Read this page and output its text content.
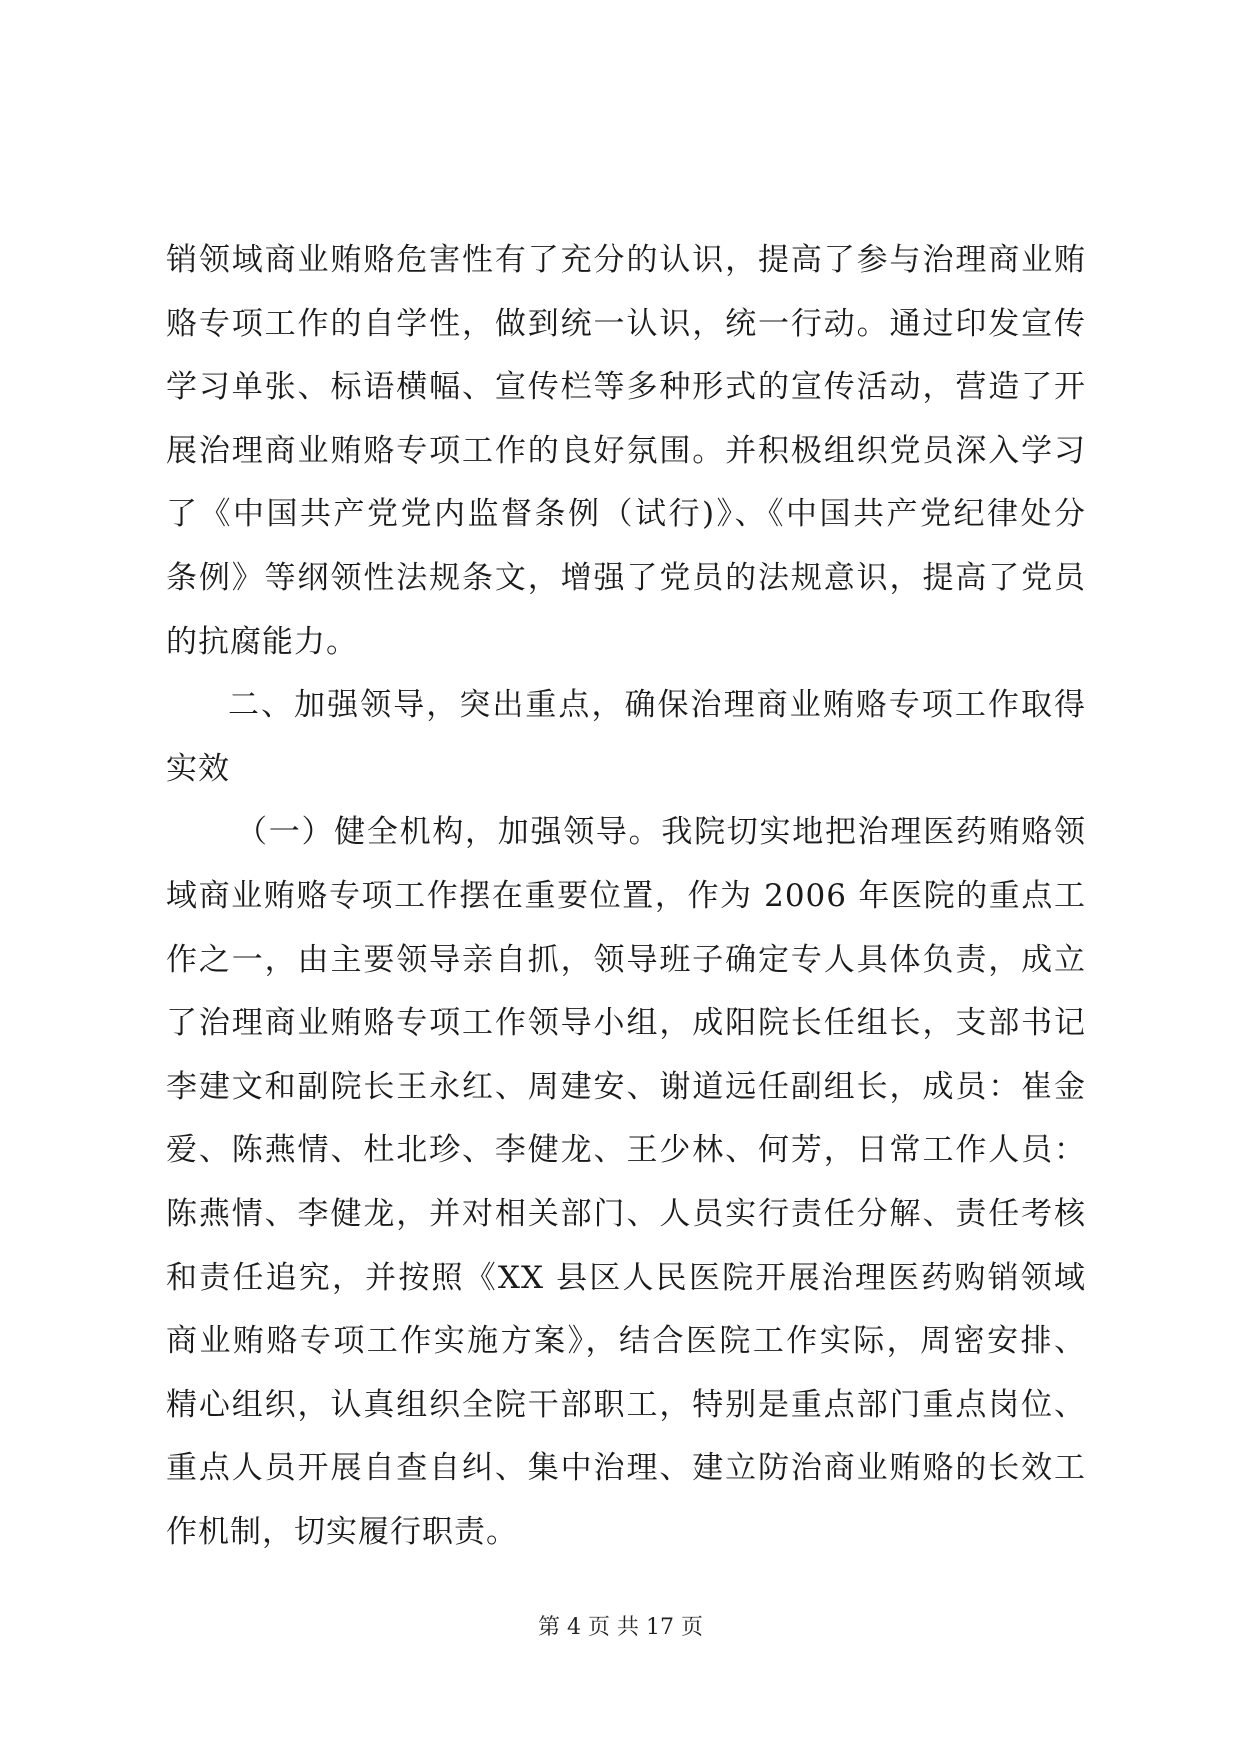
销领域商业贿赂危害性有了充分的认识，提高了参与治理商业贿
赂专项工作的自学性，做到统一认识，统一行动。通过印发宣传
学习单张、标语横幅、宣传栏等多种形式的宣传活动，营造了开
展治理商业贿赂专项工作的良好氛围。并积极组织党员深入学习
了《中国共产党党内监督条例（试行)》、《中国共产党纪律处分
条例》等纲领性法规条文，增强了党员的法规意识，提高了党员
的抗腐能力。
二、加强领导，突出重点，确保治理商业贿赂专项工作取得
实效
（一）健全机构，加强领导。我院切实地把治理医药贿赂领
域商业贿赂专项工作摆在重要位置，作为 2006 年医院的重点工
作之一，由主要领导亲自抓，领导班子确定专人具体负责，成立
了治理商业贿赂专项工作领导小组，成阳院长任组长，支部书记
李建文和副院长王永红、周建安、谢道远任副组长，成员：崔金
爱、陈燕情、杜北珍、李健龙、王少林、何芳，日常工作人员：
陈燕情、李健龙，并对相关部门、人员实行责任分解、责任考核
和责任追究，并按照《XX 县区人民医院开展治理医药购销领域
商业贿赂专项工作实施方案》，结合医院工作实际，周密安排、
精心组织，认真组织全院干部职工，特别是重点部门重点岗位、
重点人员开展自查自纠、集中治理、建立防治商业贿赂的长效工
作机制，切实履行职责。
第 4 页 共 17 页
